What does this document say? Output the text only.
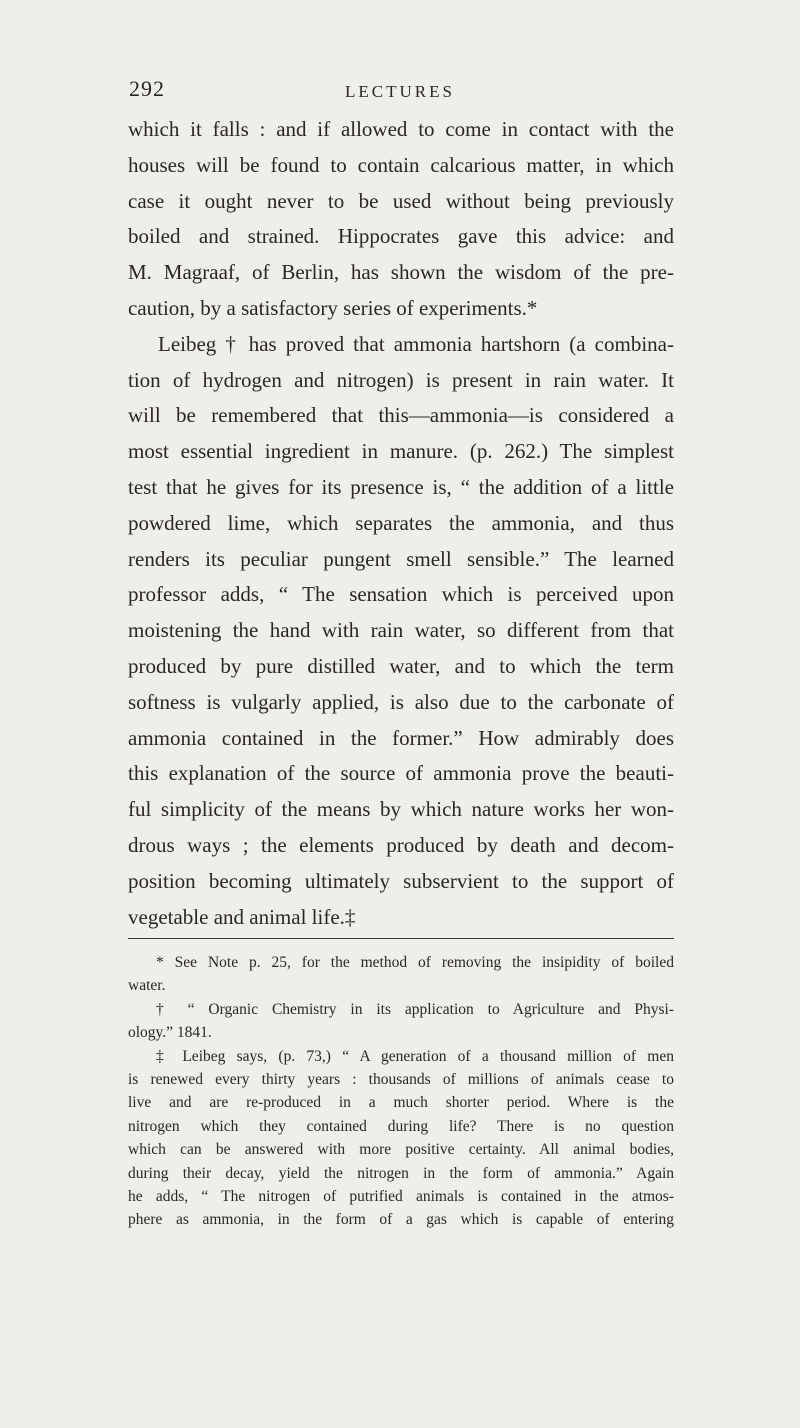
292	LECTURES
which it falls : and if allowed to come in contact with the
houses will be found to contain calcarious matter, in which
case it ought never to be used without being previously
boiled and strained. Hippocrates gave this advice: and
M. Magraaf, of Berlin, has shown the wisdom of the pre-
caution, by a satisfactory series of experiments.*
Leibeg † has proved that ammonia hartshorn (a combina-
tion of hydrogen and nitrogen) is present in rain water. It
will be remembered that this—ammonia—is considered a
most essential ingredient in manure. (p. 262.) The simplest
test that he gives for its presence is, “ the addition of a little
powdered lime, which separates the ammonia, and thus
renders its peculiar pungent smell sensible.” The learned
professor adds, “ The sensation which is perceived upon
moistening the hand with rain water, so different from that
produced by pure distilled water, and to which the term
softness is vulgarly applied, is also due to the carbonate of
ammonia contained in the former.” How admirably does
this explanation of the source of ammonia prove the beauti-
ful simplicity of the means by which nature works her won-
drous ways ; the elements produced by death and decom-
position becoming ultimately subservient to the support of
vegetable and animal life.‡
* See Note p. 25, for the method of removing the insipidity of boiled
water.
† “ Organic Chemistry in its application to Agriculture and Physi-
ology.” 1841.
‡ Leibeg says, (p. 73,) “ A generation of a thousand million of men
is renewed every thirty years : thousands of millions of animals cease to
live and are re-produced in a much shorter period. Where is the
nitrogen which they contained during life? There is no question
which can be answered with more positive certainty. All animal bodies,
during their decay, yield the nitrogen in the form of ammonia.” Again
he adds, “ The nitrogen of putrified animals is contained in the atmos-
phere as ammonia, in the form of a gas which is capable of entering
